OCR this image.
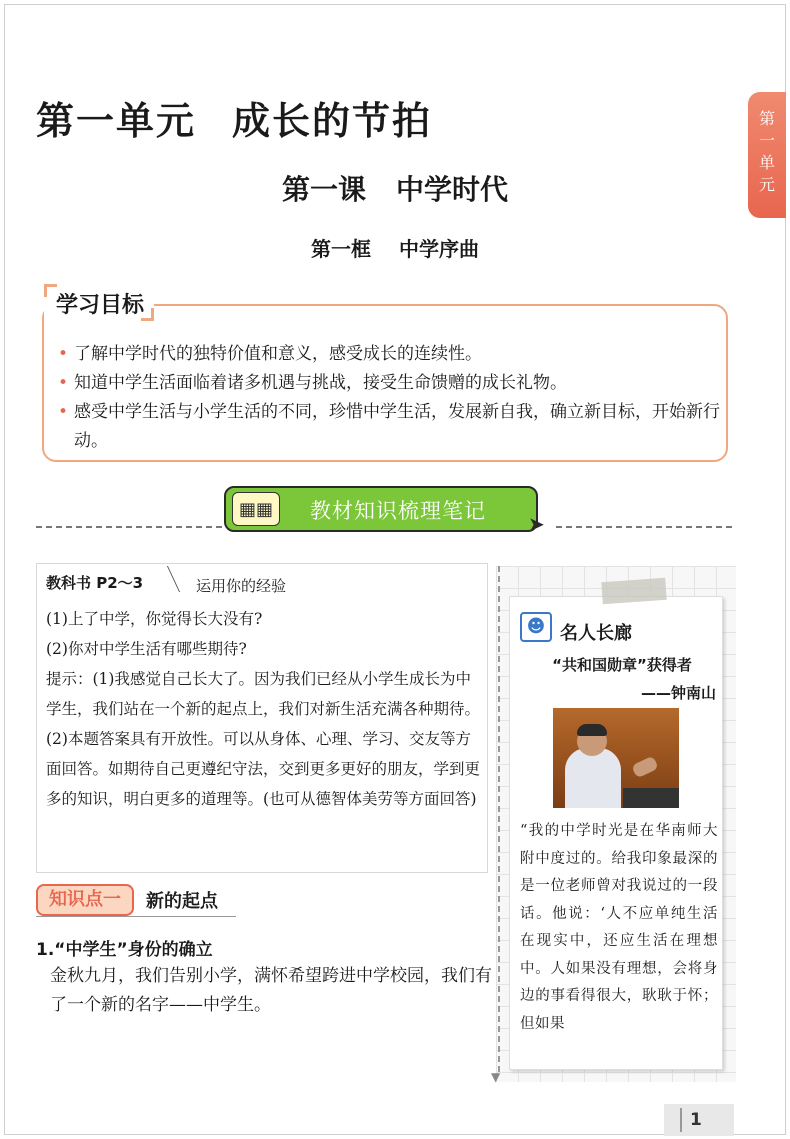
第一单元 成长的节拍	第
一
单
元
第一课 中学时代
第一框 中学序曲
学习目标
• 了解中学时代的独特价值和意义，感受成长的连续性。
• 知道中学生活面临着诸多机遇与挑战，接受生命馈赠的成长礼物。
• 感受中学生活与小学生活的不同，珍惜中学生活，发展新自我，确立新目标，开始新行动。
▦▦	教材知识梳理笔记
➤
教科书 P2～3	运用你的经验

(1)上了中学，你觉得长大没有?

(2)你对中学生活有哪些期待?

提示：(1)我感觉自己长大了。因为我们已经从小学生成长为中学生，我们站在一个新的起点上，我们对新生活充满各种期待。

(2)本题答案具有开放性。可以从身体、心理、学习、交友等方面回答。如期待自己更遵纪守法，交到更多更好的朋友，学到更多的知识，明白更多的道理等。(也可从德智体美劳等方面回答)

知识点一	新的起点
1.“中学生”身份的确立
金秋九月，我们告别小学，满怀希望跨进中学校园，我们有了一个新的名字——中学生。
▼
☻ 名人长廊
“共和国勋章”获得者
——钟南山
“我的中学时光是在华南师大附中度过的。给我印象最深的是一位老师曾对我说过的一段话。他说：‘人不应单纯生活在现实中，还应生活在理想中。人如果没有理想，会将身边的事看得很大，耿耿于怀；但如果
1
